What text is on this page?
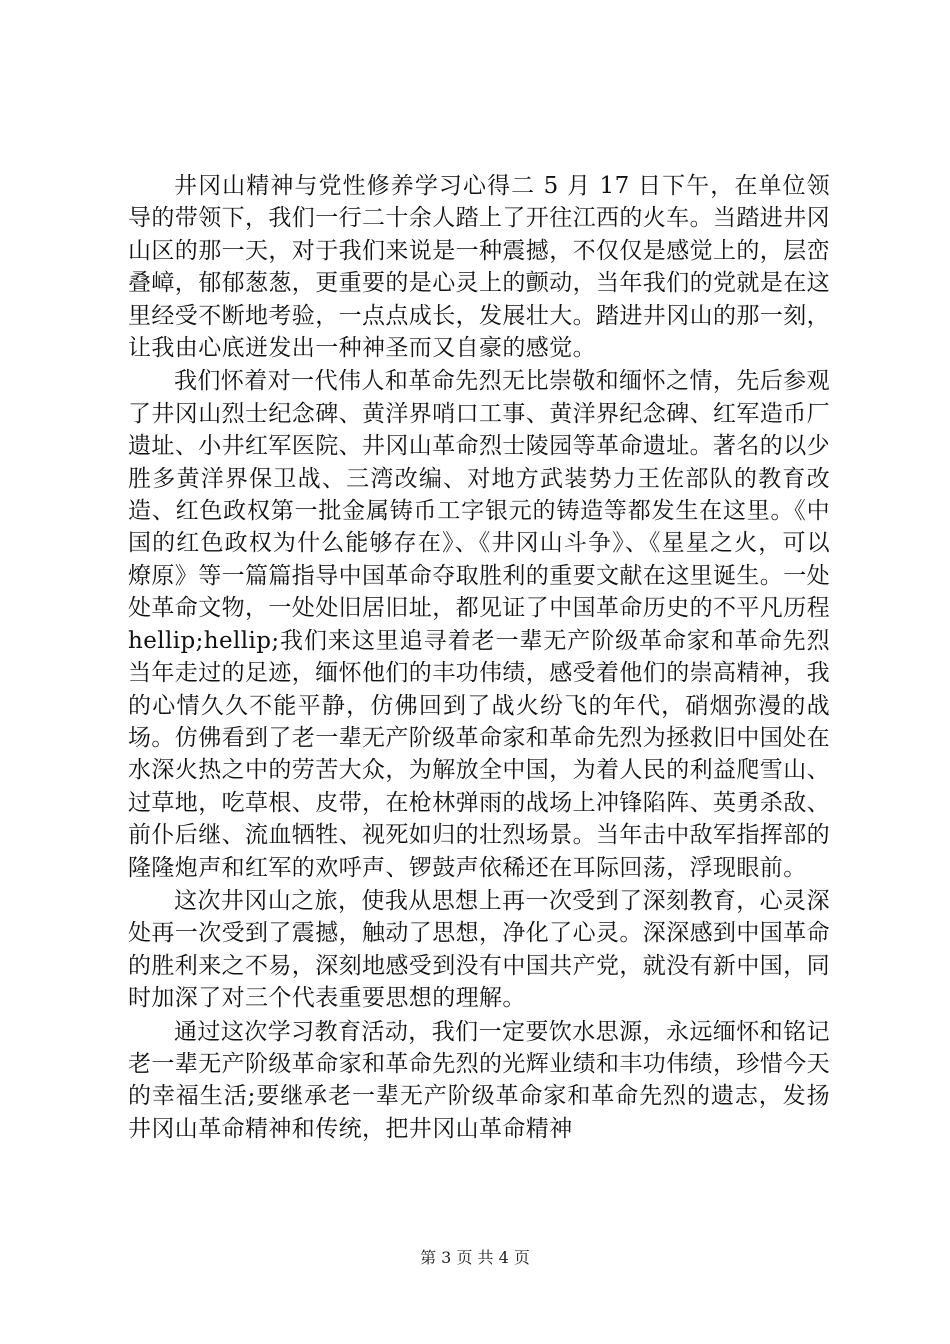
井冈山精神与党性修养学习心得二 5 月 17 日下午，在单位领导的带领下，我们一行二十余人踏上了开往江西的火车。当踏进井冈山区的那一天，对于我们来说是一种震撼，不仅仅是感觉上的，层峦叠嶂，郁郁葱葱，更重要的是心灵上的颤动，当年我们的党就是在这里经受不断地考验，一点点成长，发展壮大。踏进井冈山的那一刻，让我由心底迸发出一种神圣而又自豪的感觉。

我们怀着对一代伟人和革命先烈无比崇敬和缅怀之情，先后参观了井冈山烈士纪念碑、黄洋界哨口工事、黄洋界纪念碑、红军造币厂遗址、小井红军医院、井冈山革命烈士陵园等革命遗址。著名的以少胜多黄洋界保卫战、三湾改编、对地方武装势力王佐部队的教育改造、红色政权第一批金属铸币工字银元的铸造等都发生在这里。《中国的红色政权为什么能够存在》、《井冈山斗争》、《星星之火，可以燎原》等一篇篇指导中国革命夺取胜利的重要文献在这里诞生。一处处革命文物，一处处旧居旧址，都见证了中国革命历史的不平凡历程hellip;hellip;我们来这里追寻着老一辈无产阶级革命家和革命先烈当年走过的足迹，缅怀他们的丰功伟绩，感受着他们的崇高精神，我的心情久久不能平静，仿佛回到了战火纷飞的年代，硝烟弥漫的战场。仿佛看到了老一辈无产阶级革命家和革命先烈为拯救旧中国处在水深火热之中的劳苦大众，为解放全中国，为着人民的利益爬雪山、过草地，吃草根、皮带，在枪林弹雨的战场上冲锋陷阵、英勇杀敌、前仆后继、流血牺牲、视死如归的壮烈场景。当年击中敌军指挥部的隆隆炮声和红军的欢呼声、锣鼓声依稀还在耳际回荡，浮现眼前。

这次井冈山之旅，使我从思想上再一次受到了深刻教育，心灵深处再一次受到了震撼，触动了思想，净化了心灵。深深感到中国革命的胜利来之不易，深刻地感受到没有中国共产党，就没有新中国，同时加深了对三个代表重要思想的理解。

通过这次学习教育活动，我们一定要饮水思源，永远缅怀和铭记老一辈无产阶级革命家和革命先烈的光辉业绩和丰功伟绩，珍惜今天的幸福生活;要继承老一辈无产阶级革命家和革命先烈的遗志，发扬井冈山革命精神和传统，把井冈山革命精神

第 3 页 共 4 页
